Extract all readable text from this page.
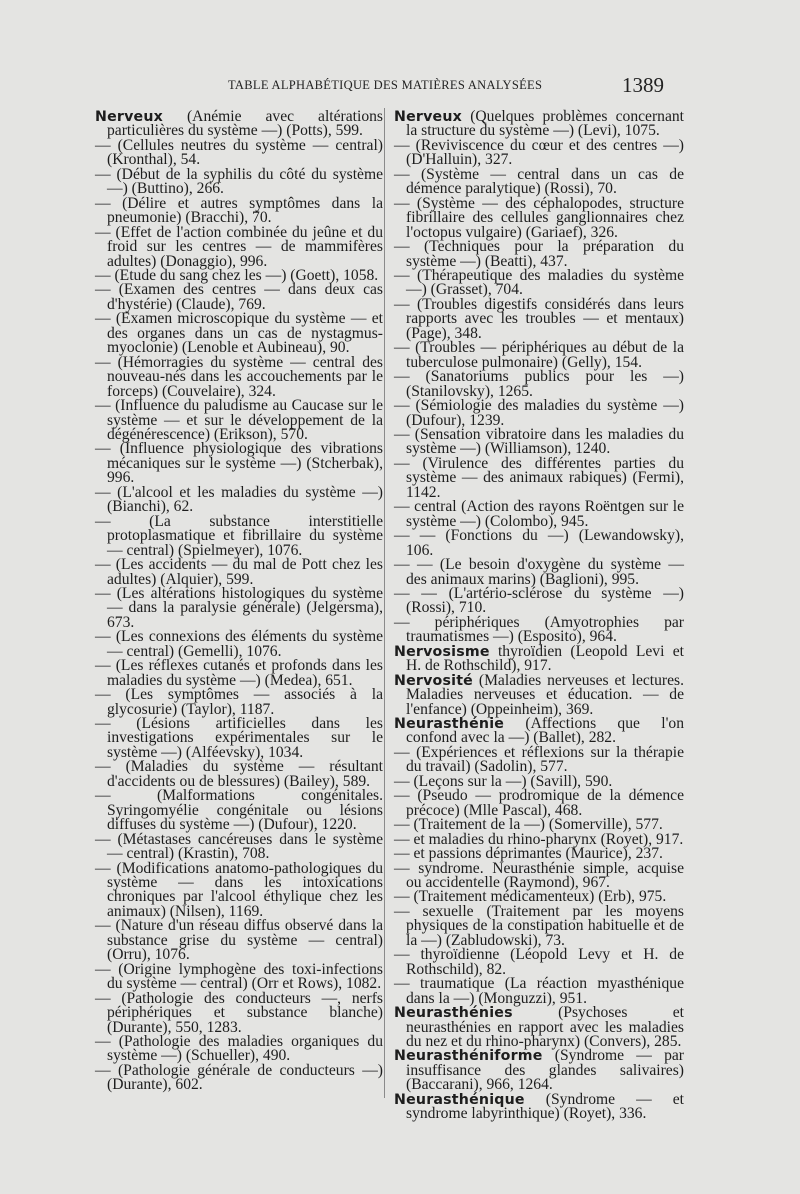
TABLE ALPHABÉTIQUE DES MATIÈRES ANALYSÉES	1389

Nerveux (Anémie avec altérations particulières du système —) (Potts), 599.

— (Cellules neutres du système — central) (Kronthal), 54.

— (Début de la syphilis du côté du système —) (Buttino), 266.

— (Délire et autres symptômes dans la pneumonie) (Bracchi), 70.

— (Effet de l'action combinée du jeûne et du froid sur les centres — de mammifères adultes) (Donaggio), 996.

— (Etude du sang chez les —) (Goett), 1058.

— (Examen des centres — dans deux cas d'hystérie) (Claude), 769.

— (Examen microscopique du système — et des organes dans un cas de nystagmus-myoclonie) (Lenoble et Aubineau), 90.

— (Hémorragies du système — central des nouveau-nés dans les accouchements par le forceps) (Couvelaire), 324.

— (Influence du paludisme au Caucase sur le système — et sur le développement de la dégénérescence) (Erikson), 570.

— (Influence physiologique des vibrations mécaniques sur le système —) (Stcherbak), 996.

— (L'alcool et les maladies du système —) (Bianchi), 62.

— (La substance interstitielle protoplasmatique et fibrillaire du système — central) (Spielmeyer), 1076.

— (Les accidents — du mal de Pott chez les adultes) (Alquier), 599.

— (Les altérations histologiques du système — dans la paralysie générale) (Jelgersma), 673.

— (Les connexions des éléments du système — central) (Gemelli), 1076.

— (Les réflexes cutanés et profonds dans les maladies du système —) (Medea), 651.

— (Les symptômes — associés à la glycosurie) (Taylor), 1187.

— (Lésions artificielles dans les investigations expérimentales sur le système —) (Alféevsky), 1034.

— (Maladies du système — résultant d'accidents ou de blessures) (Bailey), 589.

— (Malformations congénitales. Syringomyélie congénitale ou lésions diffuses du système —) (Dufour), 1220.

— (Métastases cancéreuses dans le système — central) (Krastin), 708.

— (Modifications anatomo-pathologiques du système — dans les intoxications chroniques par l'alcool éthylique chez les animaux) (Nilsen), 1169.

— (Nature d'un réseau diffus observé dans la substance grise du système — central) (Orru), 1076.

— (Origine lymphogène des toxi-infections du système — central) (Orr et Rows), 1082.

— (Pathologie des conducteurs —, nerfs périphériques et substance blanche) (Durante), 550, 1283.

— (Pathologie des maladies organiques du système —) (Schueller), 490.

— (Pathologie générale de conducteurs —) (Durante), 602.

Nerveux (Quelques problèmes concernant la structure du système —) (Levi), 1075.

— (Reviviscence du cœur et des centres —) (D'Halluin), 327.

— (Système — central dans un cas de démence paralytique) (Rossi), 70.

— (Système — des céphalopodes, structure fibrillaire des cellules ganglionnaires chez l'octopus vulgaire) (Gariaef), 326.

— (Techniques pour la préparation du système —) (Beatti), 437.

— (Thérapeutique des maladies du système —) (Grasset), 704.

— (Troubles digestifs considérés dans leurs rapports avec les troubles — et mentaux) (Page), 348.

— (Troubles — périphériques au début de la tuberculose pulmonaire) (Gelly), 154.

— (Sanatoriums publics pour les —) (Stanilovsky), 1265.

— (Sémiologie des maladies du système —) (Dufour), 1239.

— (Sensation vibratoire dans les maladies du système —) (Williamson), 1240.

— (Virulence des différentes parties du système — des animaux rabiques) (Fermi), 1142.

— central (Action des rayons Roëntgen sur le système —) (Colombo), 945.

— — (Fonctions du —) (Lewandowsky), 106.

— — (Le besoin d'oxygène du système — des animaux marins) (Baglioni), 995.

— — (L'artério-sclérose du système —) (Rossi), 710.

— périphériques (Amyotrophies par traumatismes —) (Esposito), 964.

Nervosisme thyroïdien (Leopold Levi et H. de Rothschild), 917.

Nervosité (Maladies nerveuses et lectures. Maladies nerveuses et éducation. — de l'enfance) (Oppeinheim), 369.

Neurasthénie (Affections que l'on confond avec la —) (Ballet), 282.

— (Expériences et réflexions sur la thérapie du travail) (Sadolin), 577.

— (Leçons sur la —) (Savill), 590.

— (Pseudo — prodromique de la démence précoce) (Mlle Pascal), 468.

— (Traitement de la —) (Somerville), 577.

— et maladies du rhino-pharynx (Royet), 917.

— et passions déprimantes (Maurice), 237.

— syndrome. Neurasthénie simple, acquise ou accidentelle (Raymond), 967.

— (Traitement médicamenteux) (Erb), 975.

— sexuelle (Traitement par les moyens physiques de la constipation habituelle et de la —) (Zabludowski), 73.

— thyroïdienne (Léopold Levy et H. de Rothschild), 82.

— traumatique (La réaction myasthénique dans la —) (Monguzzi), 951.

Neurasthénies (Psychoses et neurasthénies en rapport avec les maladies du nez et du rhino-pharynx) (Convers), 285.

Neurasthéniforme (Syndrome — par insuffisance des glandes salivaires) (Baccarani), 966, 1264.

Neurasthénique (Syndrome — et syndrome labyrinthique) (Royet), 336.
